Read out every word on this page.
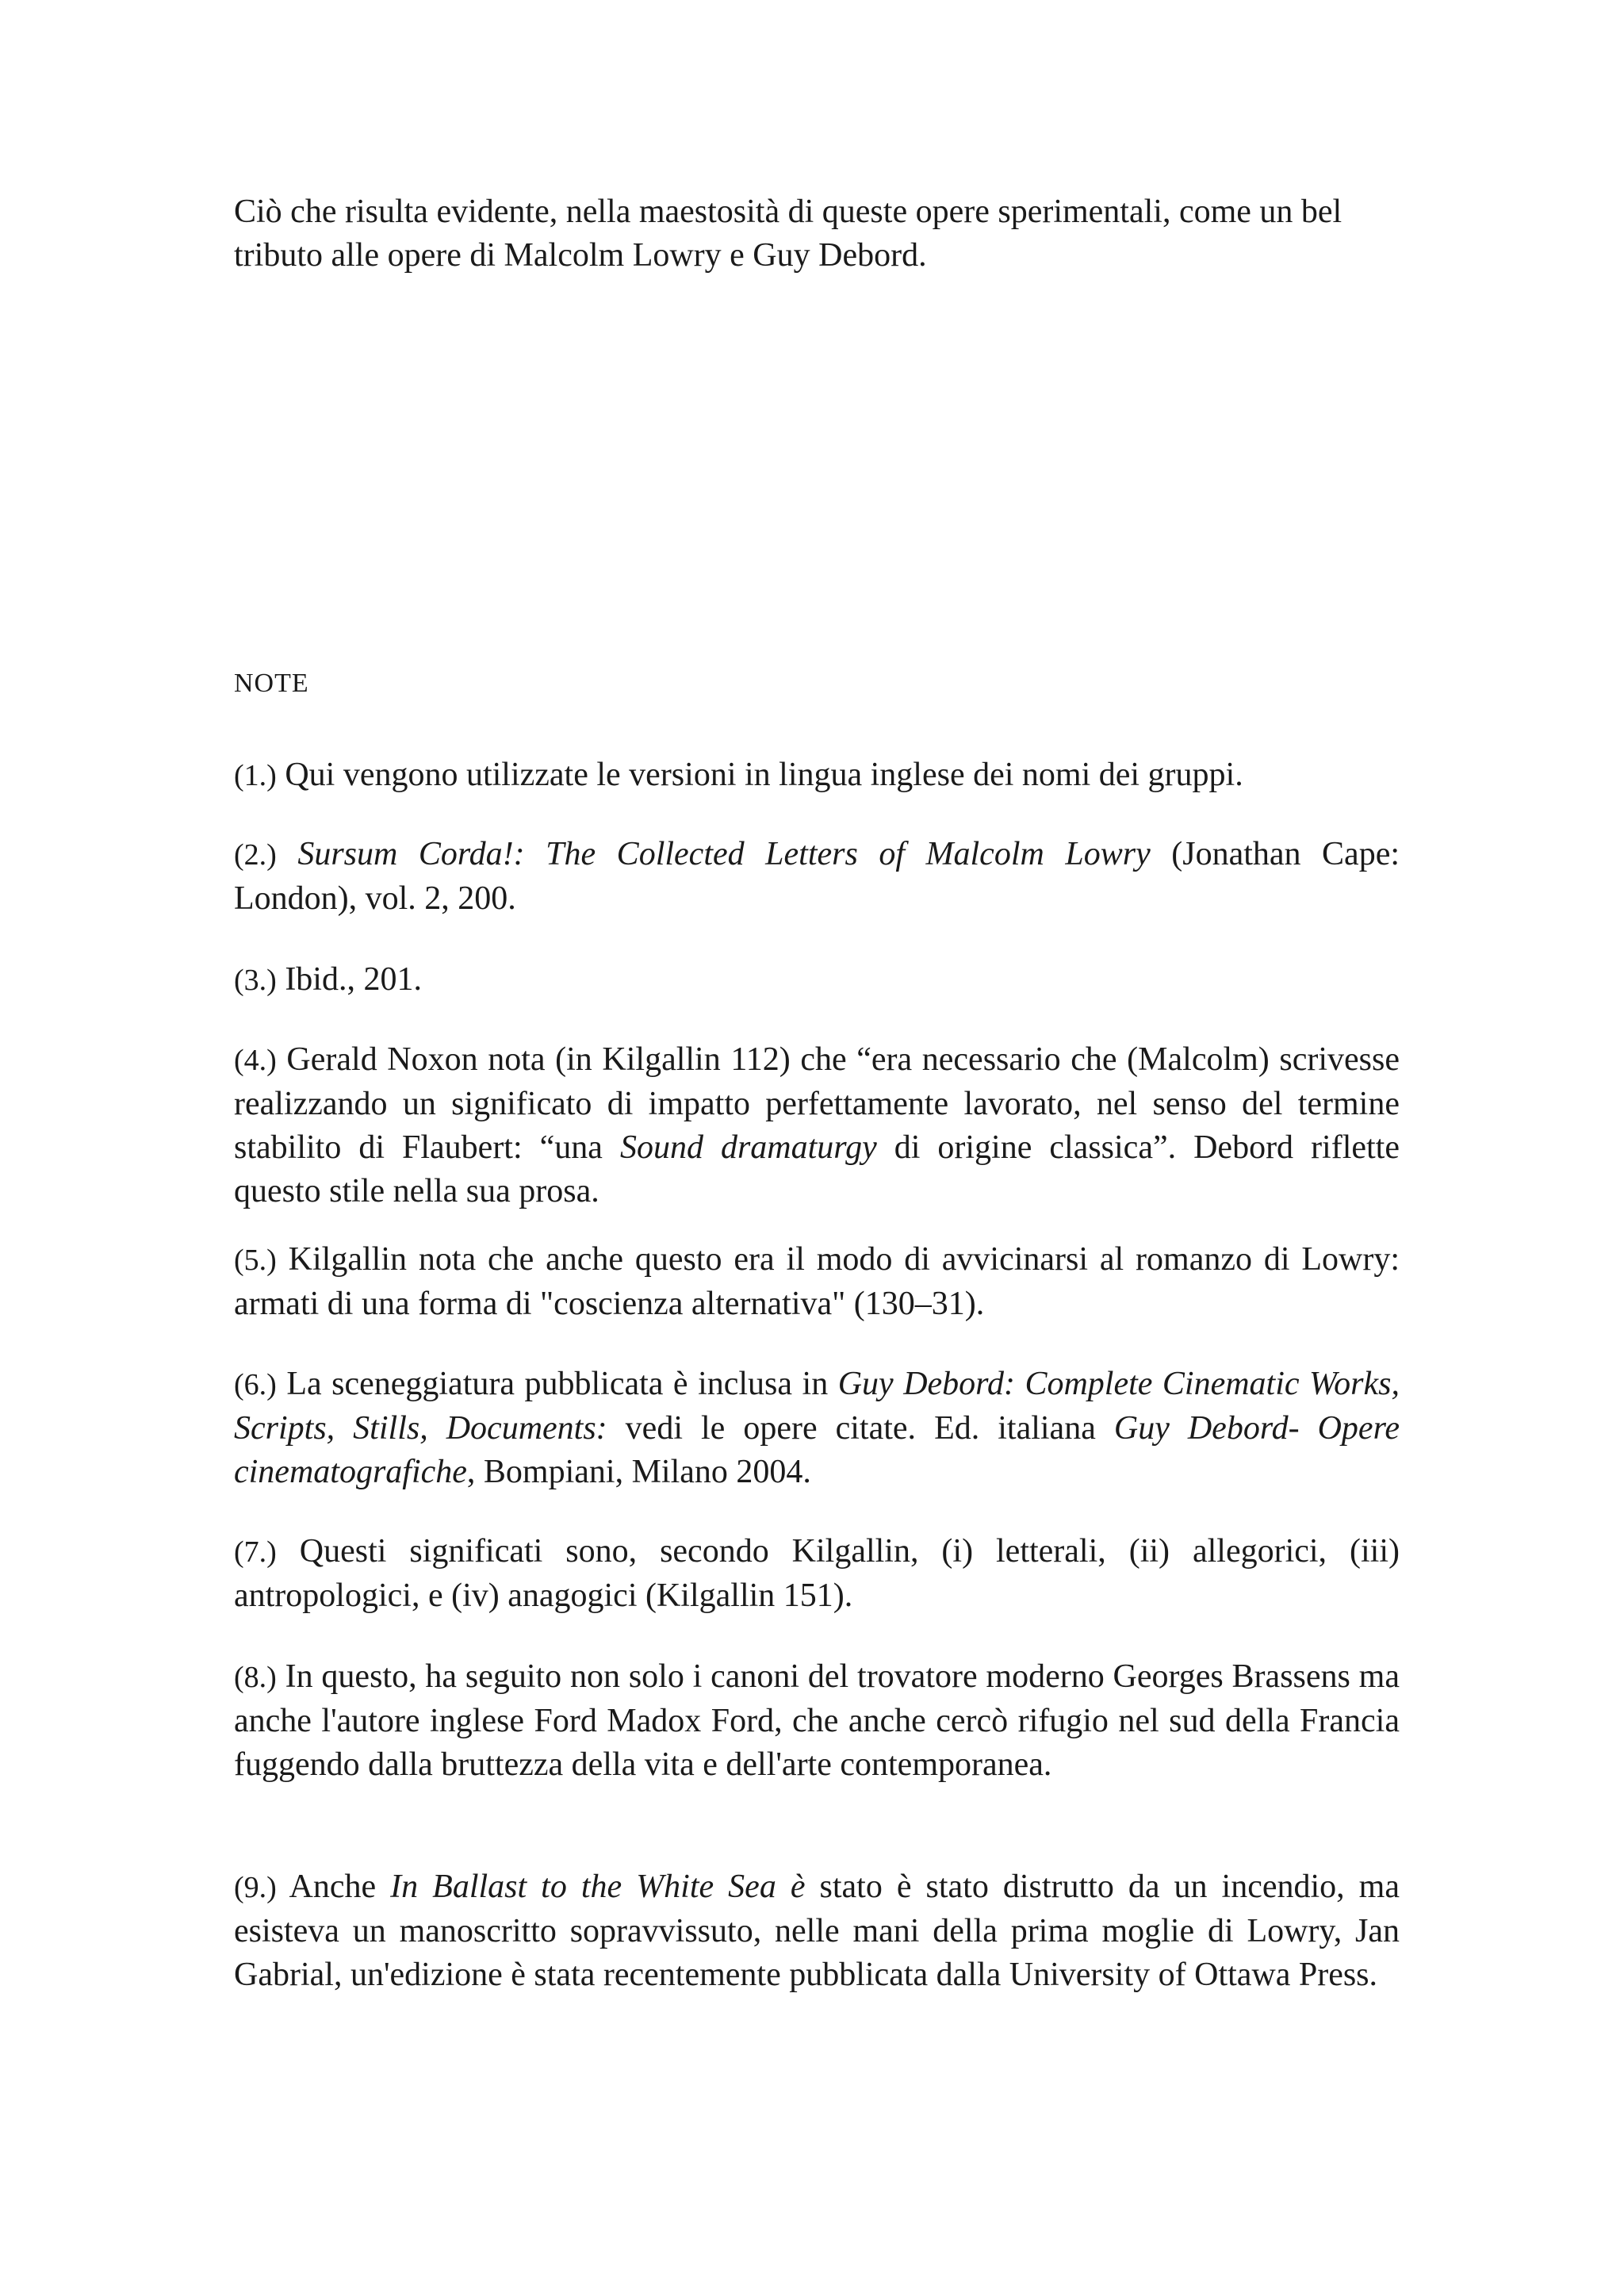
Ciò che risulta evidente, nella maestosità di queste opere sperimentali, come un bel tributo alle opere di Malcolm Lowry e Guy Debord.

NOTE

(1.) Qui vengono utilizzate le versioni in lingua inglese dei nomi dei gruppi.

(2.) Sursum Corda!: The Collected Letters of Malcolm Lowry (Jonathan Cape: London), vol. 2, 200.

(3.) Ibid., 201.

(4.) Gerald Noxon nota (in Kilgallin 112) che “era necessario che (Malcolm) scrivesse realizzando un significato di impatto perfettamente lavorato, nel senso del termine stabilito di Flaubert: “una Sound dramaturgy di origine classica”. Debord riflette questo stile nella sua prosa.

(5.) Kilgallin nota che anche questo era il modo di avvicinarsi al romanzo di Lowry: armati di una forma di "coscienza alternativa" (130–31).

(6.) La sceneggiatura pubblicata è inclusa in Guy Debord: Complete Cinematic Works, Scripts, Stills, Documents: vedi le opere citate. Ed. italiana Guy Debord- Opere cinematografiche, Bompiani, Milano 2004.

(7.) Questi significati sono, secondo Kilgallin, (i) letterali, (ii) allegorici, (iii) antropologici, e (iv) anagogici (Kilgallin 151).

(8.) In questo, ha seguito non solo i canoni del trovatore moderno Georges Brassens ma anche l'autore inglese Ford Madox Ford, che anche cercò rifugio nel sud della Francia fuggendo dalla bruttezza della vita e dell'arte contemporanea.

(9.) Anche In Ballast to the White Sea è stato è stato distrutto da un incendio, ma esisteva un manoscritto sopravvissuto, nelle mani della prima moglie di Lowry, Jan Gabrial, un'edizione è stata recentemente pubblicata dalla University of Ottawa Press.
